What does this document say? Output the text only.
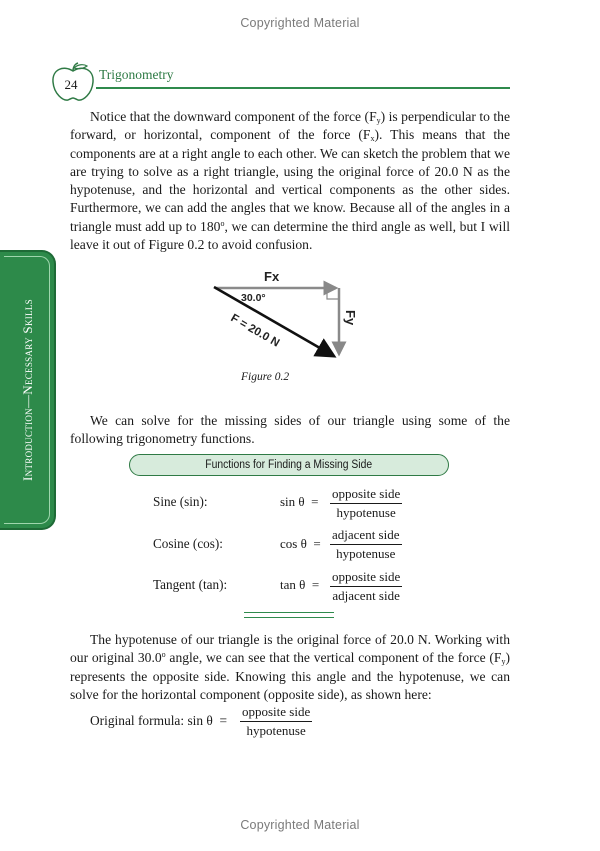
Copyrighted Material
24
Trigonometry
Introduction—Necessary Skills
Notice that the downward component of the force $(F_y)$ is perpendicular to the forward, or horizontal, component of the force $(F_x)$. This means that the components are at a right angle to each other. We can sketch the problem that we are trying to solve as a right triangle, using the original force of 20.0 N as the hypotenuse, and the horizontal and vertical components as the other sides. Furthermore, we can add the angles that we know. Because all of the angles in a triangle must add up to 180$^o$, we can determine the third angle as well, but I will leave it out of Figure 0.2 to avoid confusion.
Fx
Fy
30.0°
F = 20.0 N
Figure 0.2
We can solve for the missing sides of our triangle using some of the following trigonometry functions.
Functions for Finding a Missing Side
Sine (sin):	sin θ =
opposite side
hypotenuse
Cosine (cos):	cos θ =
adjacent side
hypotenuse
Tangent (tan):	tan θ =
opposite side
adjacent side
The hypotenuse of our triangle is the original force of 20.0 N. Working with our original 30.0$^o$ angle, we can see that the vertical component of the force $(F_y)$ represents the opposite side. Knowing this angle and the hypotenuse, we can solve for the horizontal component (opposite side), as shown here:
Original formula: sin θ =
opposite side
hypotenuse
Copyrighted Material
